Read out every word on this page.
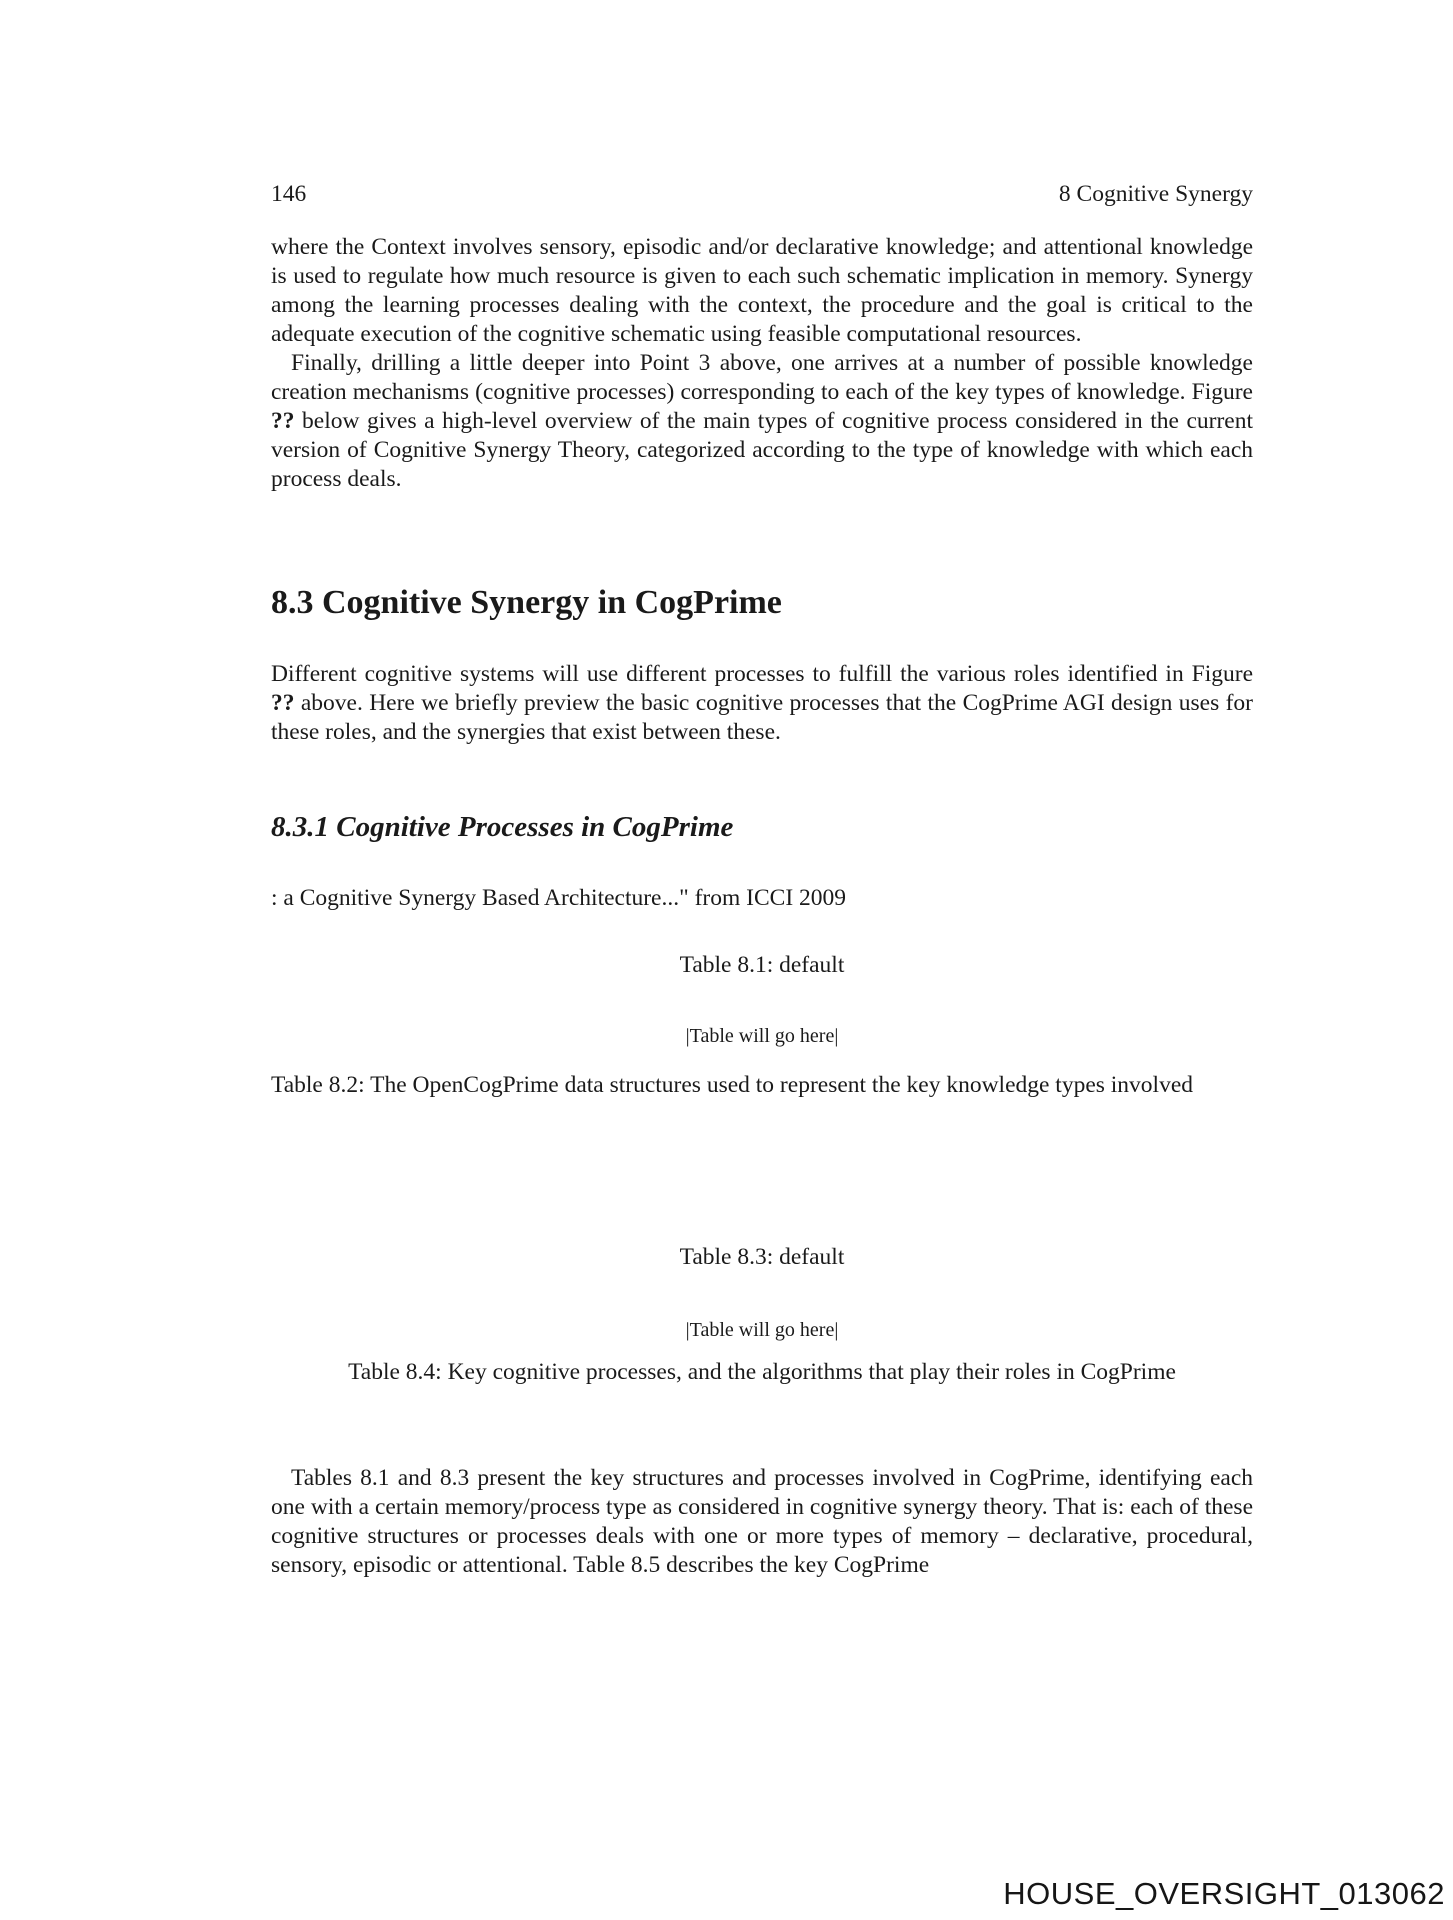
146	8 Cognitive Synergy

where the Context involves sensory, episodic and/or declarative knowledge; and attentional knowledge is used to regulate how much resource is given to each such schematic implication in memory. Synergy among the learning processes dealing with the context, the procedure and the goal is critical to the adequate execution of the cognitive schematic using feasible computational resources.

Finally, drilling a little deeper into Point 3 above, one arrives at a number of possible knowledge creation mechanisms (cognitive processes) corresponding to each of the key types of knowledge. Figure ?? below gives a high-level overview of the main types of cognitive process considered in the current version of Cognitive Synergy Theory, categorized according to the type of knowledge with which each process deals.

8.3 Cognitive Synergy in CogPrime

Different cognitive systems will use different processes to fulfill the various roles identified in Figure ?? above. Here we briefly preview the basic cognitive processes that the CogPrime AGI design uses for these roles, and the synergies that exist between these.

8.3.1 Cognitive Processes in CogPrime

: a Cognitive Synergy Based Architecture..." from ICCI 2009

Table 8.1: default
|Table will go here|
Table 8.2: The OpenCogPrime data structures used to represent the key knowledge types involved
Table 8.3: default
|Table will go here|
Table 8.4: Key cognitive processes, and the algorithms that play their roles in CogPrime

Tables 8.1 and 8.3 present the key structures and processes involved in CogPrime, identifying each one with a certain memory/process type as considered in cognitive synergy theory. That is: each of these cognitive structures or processes deals with one or more types of memory – declarative, procedural, sensory, episodic or attentional. Table 8.5 describes the key CogPrime

HOUSE_OVERSIGHT_013062
